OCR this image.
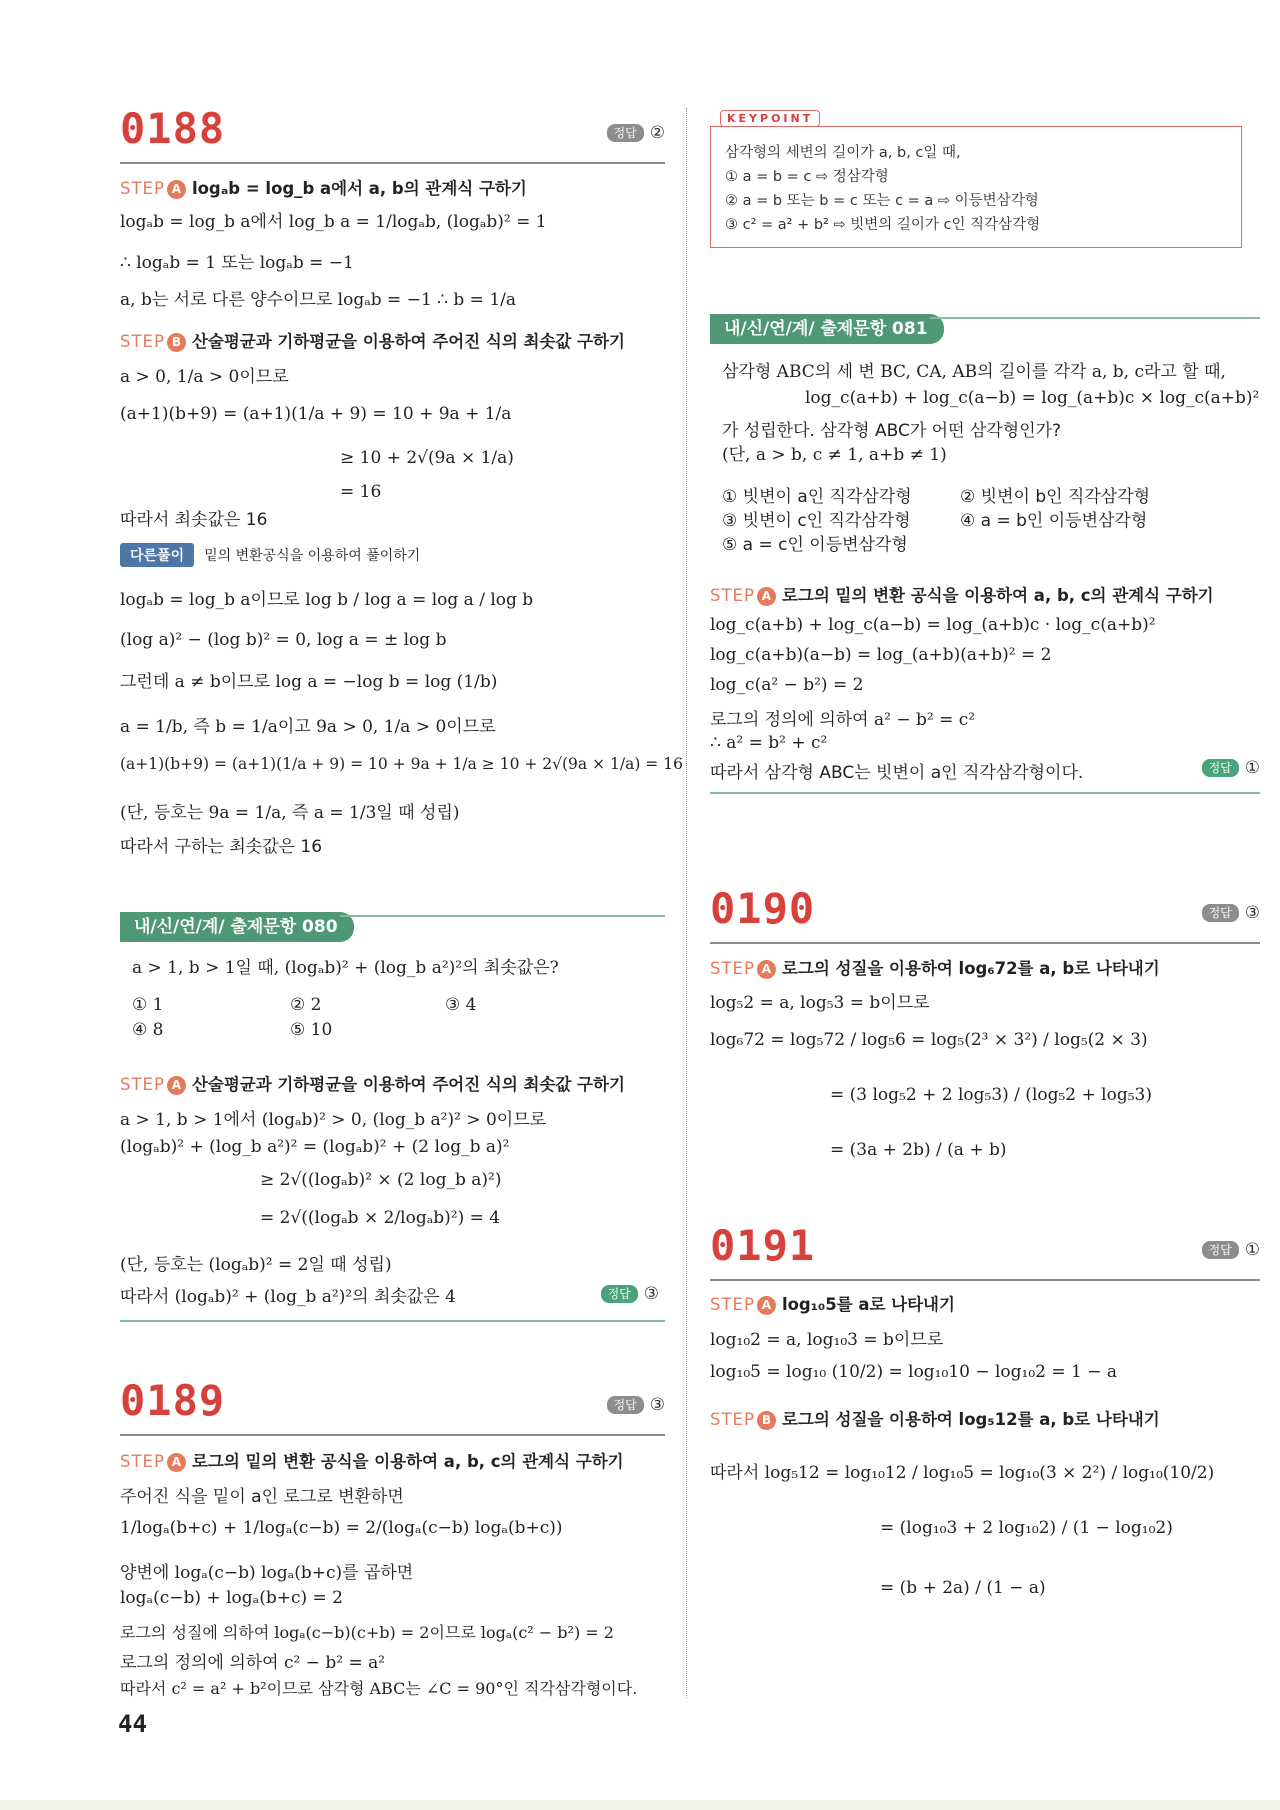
0188	정답 ②
STEP A logₐb = log_b a에서 a, b의 관계식 구하기
logₐb = log_b a에서 log_b a = 1/logₐb, (logₐb)² = 1
∴ logₐb = 1 또는 logₐb = −1
a, b는 서로 다른 양수이므로 logₐb = −1 ∴ b = 1/a
STEP B 산술평균과 기하평균을 이용하여 주어진 식의 최솟값 구하기
a > 0, 1/a > 0이므로
(a+1)(b+9) = (a+1)(1/a + 9) = 10 + 9a + 1/a
≥ 10 + 2√(9a × 1/a)
= 16
따라서 최솟값은 16
다른풀이	밑의 변환공식을 이용하여 풀이하기
logₐb = log_b a이므로 log b / log a = log a / log b
(log a)² − (log b)² = 0, log a = ± log b
그런데 a ≠ b이므로 log a = −log b = log (1/b)
a = 1/b, 즉 b = 1/a이고 9a > 0, 1/a > 0이므로
(a+1)(b+9) = (a+1)(1/a + 9) = 10 + 9a + 1/a ≥ 10 + 2√(9a × 1/a) = 16
(단, 등호는 9a = 1/a, 즉 a = 1/3일 때 성립)
따라서 구하는 최솟값은 16
내/신/연/계/ 출제문항 080
a > 1, b > 1일 때, (logₐb)² + (log_b a²)²의 최솟값은?
① 1	② 2	③ 4
④ 8	⑤ 10
STEP A 산술평균과 기하평균을 이용하여 주어진 식의 최솟값 구하기
a > 1, b > 1에서 (logₐb)² > 0, (log_b a²)² > 0이므로
(logₐb)² + (log_b a²)² = (logₐb)² + (2 log_b a)²
≥ 2√((logₐb)² × (2 log_b a)²)
= 2√((logₐb × 2/logₐb)²) = 4
(단, 등호는 (logₐb)² = 2일 때 성립)
따라서 (logₐb)² + (log_b a²)²의 최솟값은 4	정답 ③
0189	정답 ③
STEP A 로그의 밑의 변환 공식을 이용하여 a, b, c의 관계식 구하기
주어진 식을 밑이 a인 로그로 변환하면
1/logₐ(b+c) + 1/logₐ(c−b) = 2/(logₐ(c−b) logₐ(b+c))
양변에 logₐ(c−b) logₐ(b+c)를 곱하면
logₐ(c−b) + logₐ(b+c) = 2
로그의 성질에 의하여 logₐ(c−b)(c+b) = 2이므로 logₐ(c² − b²) = 2
로그의 정의에 의하여 c² − b² = a²
따라서 c² = a² + b²이므로 삼각형 ABC는 ∠C = 90°인 직각삼각형이다.
삼각형의 세변의 길이가 a, b, c일 때,
① a = b = c ⇨ 정삼각형
② a = b 또는 b = c 또는 c = a ⇨ 이등변삼각형
③ c² = a² + b² ⇨ 빗변의 길이가 c인 직각삼각형
KEYPOINT
내/신/연/계/ 출제문항 081
삼각형 ABC의 세 변 BC, CA, AB의 길이를 각각 a, b, c라고 할 때,
log_c(a+b) + log_c(a−b) = log_(a+b)c × log_c(a+b)²
가 성립한다. 삼각형 ABC가 어떤 삼각형인가?
(단, a > b, c ≠ 1, a+b ≠ 1)
① 빗변이 a인 직각삼각형	② 빗변이 b인 직각삼각형
③ 빗변이 c인 직각삼각형	④ a = b인 이등변삼각형
⑤ a = c인 이등변삼각형
STEP A 로그의 밑의 변환 공식을 이용하여 a, b, c의 관계식 구하기
log_c(a+b) + log_c(a−b) = log_(a+b)c · log_c(a+b)²
log_c(a+b)(a−b) = log_(a+b)(a+b)² = 2
log_c(a² − b²) = 2
로그의 정의에 의하여 a² − b² = c²
∴ a² = b² + c²
따라서 삼각형 ABC는 빗변이 a인 직각삼각형이다.	정답 ①
0190	정답 ③
STEP A 로그의 성질을 이용하여 log₆72를 a, b로 나타내기
log₅2 = a, log₅3 = b이므로
log₆72 = log₅72 / log₅6 = log₅(2³ × 3²) / log₅(2 × 3)
= (3 log₅2 + 2 log₅3) / (log₅2 + log₅3)
= (3a + 2b) / (a + b)
0191	정답 ①
STEP A log₁₀5를 a로 나타내기
log₁₀2 = a, log₁₀3 = b이므로
log₁₀5 = log₁₀ (10/2) = log₁₀10 − log₁₀2 = 1 − a
STEP B 로그의 성질을 이용하여 log₅12를 a, b로 나타내기
따라서 log₅12 = log₁₀12 / log₁₀5 = log₁₀(3 × 2²) / log₁₀(10/2)
= (log₁₀3 + 2 log₁₀2) / (1 − log₁₀2)
= (b + 2a) / (1 − a)
44
